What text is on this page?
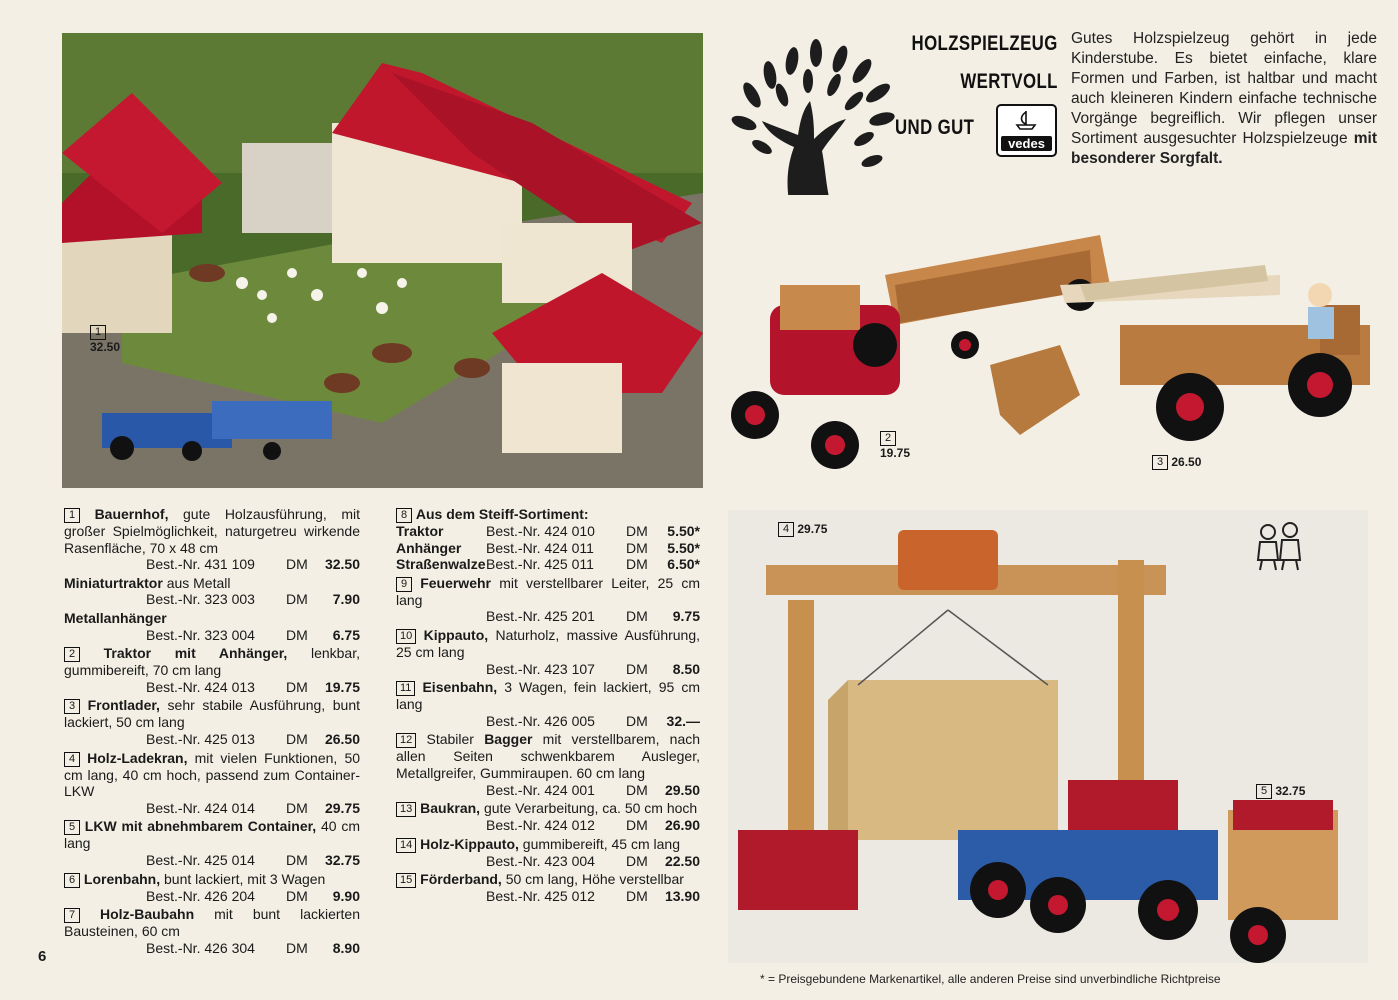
1
32.50
HOLZSPIELZEUG
WERTVOLL
UND GUT
vedes
Gutes Holzspielzeug gehört in jede Kinderstube. Es bietet einfache, klare Formen und Farben, ist haltbar und macht auch kleineren Kindern einfache technische Vorgänge begreiflich. Wir pflegen unser Sortiment ausgesuchter Holzspielzeuge mit besonderer Sorgfalt.
2
19.75
3 26.50
4 29.75
5 32.75

1 Bauernhof, gute Holzausführung, mit großer Spielmöglichkeit, naturgetreu wirkende Rasenfläche, 70 x 48 cm

Best.-Nr. 431 109	DM	32.50

Miniaturtraktor aus Metall

Best.-Nr. 323 003	DM	7.90

Metallanhänger

Best.-Nr. 323 004	DM	6.75

2 Traktor mit Anhänger, lenkbar, gummibereift, 70 cm lang

Best.-Nr. 424 013	DM	19.75

3 Frontlader, sehr stabile Ausführung, bunt lackiert, 50 cm lang

Best.-Nr. 425 013	DM	26.50

4 Holz-Ladekran, mit vielen Funktionen, 50 cm lang, 40 cm hoch, passend zum Container-LKW

Best.-Nr. 424 014	DM	29.75

5 LKW mit abnehmbarem Container, 40 cm lang

Best.-Nr. 425 014	DM	32.75

6 Lorenbahn, bunt lackiert, mit 3 Wagen

Best.-Nr. 426 204	DM	9.90

7 Holz-Baubahn mit bunt lackierten Bausteinen, 60 cm

Best.-Nr. 426 304	DM	8.90

8 Aus dem Steiff-Sortiment:

Traktor	Best.-Nr. 424 010	DM	5.50*
Anhänger	Best.-Nr. 424 011	DM	5.50*
Straßenwalze Best.-Nr. 425 011	DM	6.50*

9 Feuerwehr mit verstellbarer Leiter, 25 cm lang

Best.-Nr. 425 201	DM	9.75

10 Kippauto, Naturholz, massive Ausführung, 25 cm lang

Best.-Nr. 423 107	DM	8.50

11 Eisenbahn, 3 Wagen, fein lackiert, 95 cm lang

Best.-Nr. 426 005	DM	32.—

12 Stabiler Bagger mit verstellbarem, nach allen Seiten schwenkbarem Ausleger, Metallgreifer, Gummiraupen. 60 cm lang

Best.-Nr. 424 001	DM	29.50

13 Baukran, gute Verarbeitung, ca. 50 cm hoch

Best.-Nr. 424 012	DM	26.90

14 Holz-Kippauto, gummibereift, 45 cm lang

Best.-Nr. 423 004	DM	22.50

15 Förderband, 50 cm lang, Höhe verstellbar

Best.-Nr. 425 012	DM	13.90
6
* = Preisgebundene Markenartikel, alle anderen Preise sind unverbindliche Richtpreise
